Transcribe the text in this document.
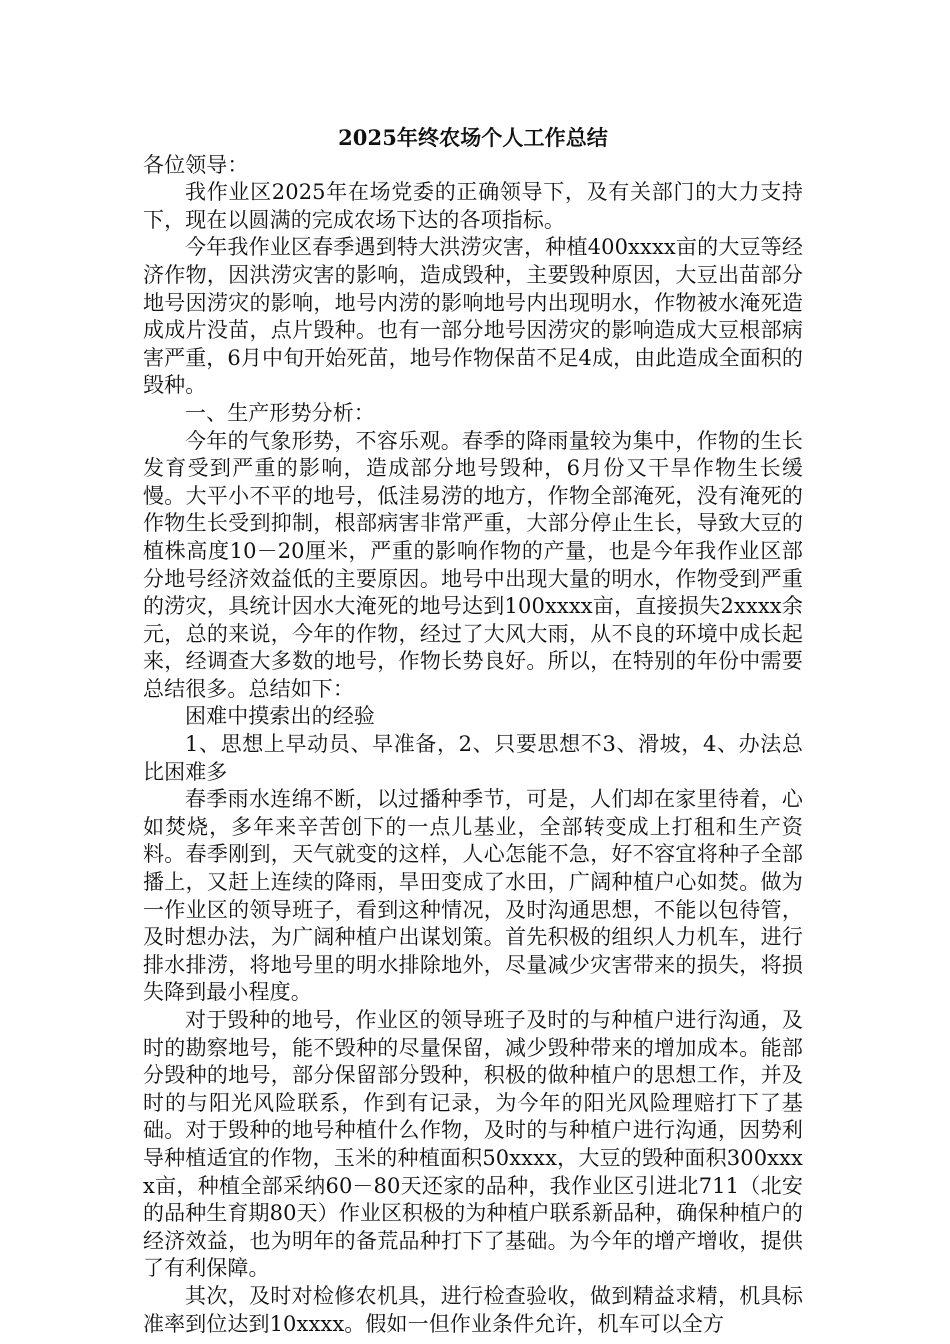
2025年终农场个人工作总结

各位领导：

我作业区2025年在场党委的正确领导下，及有关部门的大力支持下，现在以圆满的完成农场下达的各项指标。

今年我作业区春季遇到特大洪涝灾害，种植400xxxx亩的大豆等经济作物，因洪涝灾害的影响，造成毁种，主要毁种原因，大豆出苗部分地号因涝灾的影响，地号内涝的影响地号内出现明水，作物被水淹死造成成片没苗，点片毁种。也有一部分地号因涝灾的影响造成大豆根部病害严重，6月中旬开始死苗，地号作物保苗不足4成，由此造成全面积的毁种。

一、生产形势分析：

今年的气象形势，不容乐观。春季的降雨量较为集中，作物的生长发育受到严重的影响，造成部分地号毁种，6月份又干旱作物生长缓慢。大平小不平的地号，低洼易涝的地方，作物全部淹死，没有淹死的作物生长受到抑制，根部病害非常严重，大部分停止生长，导致大豆的植株高度10－20厘米，严重的影响作物的产量，也是今年我作业区部分地号经济效益低的主要原因。地号中出现大量的明水，作物受到严重的涝灾，具统计因水大淹死的地号达到100xxxx亩，直接损失2xxxx余元，总的来说，今年的作物，经过了大风大雨，从不良的环境中成长起来，经调查大多数的地号，作物长势良好。所以，在特别的年份中需要总结很多。总结如下：

困难中摸索出的经验

1、思想上早动员、早准备，2、只要思想不3、滑坡，4、办法总比困难多

春季雨水连绵不断，以过播种季节，可是，人们却在家里待着，心如焚烧，多年来辛苦创下的一点儿基业，全部转变成上打租和生产资料。春季刚到，天气就变的这样，人心怎能不急，好不容宜将种子全部播上，又赶上连续的降雨，旱田变成了水田，广阔种植户心如焚。做为一作业区的领导班子，看到这种情况，及时沟通思想，不能以包待管，及时想办法，为广阔种植户出谋划策。首先积极的组织人力机车，进行排水排涝，将地号里的明水排除地外，尽量减少灾害带来的损失，将损失降到最小程度。

对于毁种的地号，作业区的领导班子及时的与种植户进行沟通，及时的勘察地号，能不毁种的尽量保留，减少毁种带来的增加成本。能部分毁种的地号，部分保留部分毁种，积极的做种植户的思想工作，并及时的与阳光风险联系，作到有记录，为今年的阳光风险理赔打下了基础。对于毁种的地号种植什么作物，及时的与种植户进行沟通，因势利导种植适宜的作物，玉米的种植面积50xxxx，大豆的毁种面积300xxxx亩，种植全部采纳60－80天还家的品种，我作业区引进北711（北安的品种生育期80天）作业区积极的为种植户联系新品种，确保种植户的经济效益，也为明年的备荒品种打下了基础。为今年的增产增收，提供了有利保障。

其次，及时对检修农机具，进行检查验收，做到精益求精，机具标准率到位达到10xxxx。假如一但作业条件允许，机车可以全方
